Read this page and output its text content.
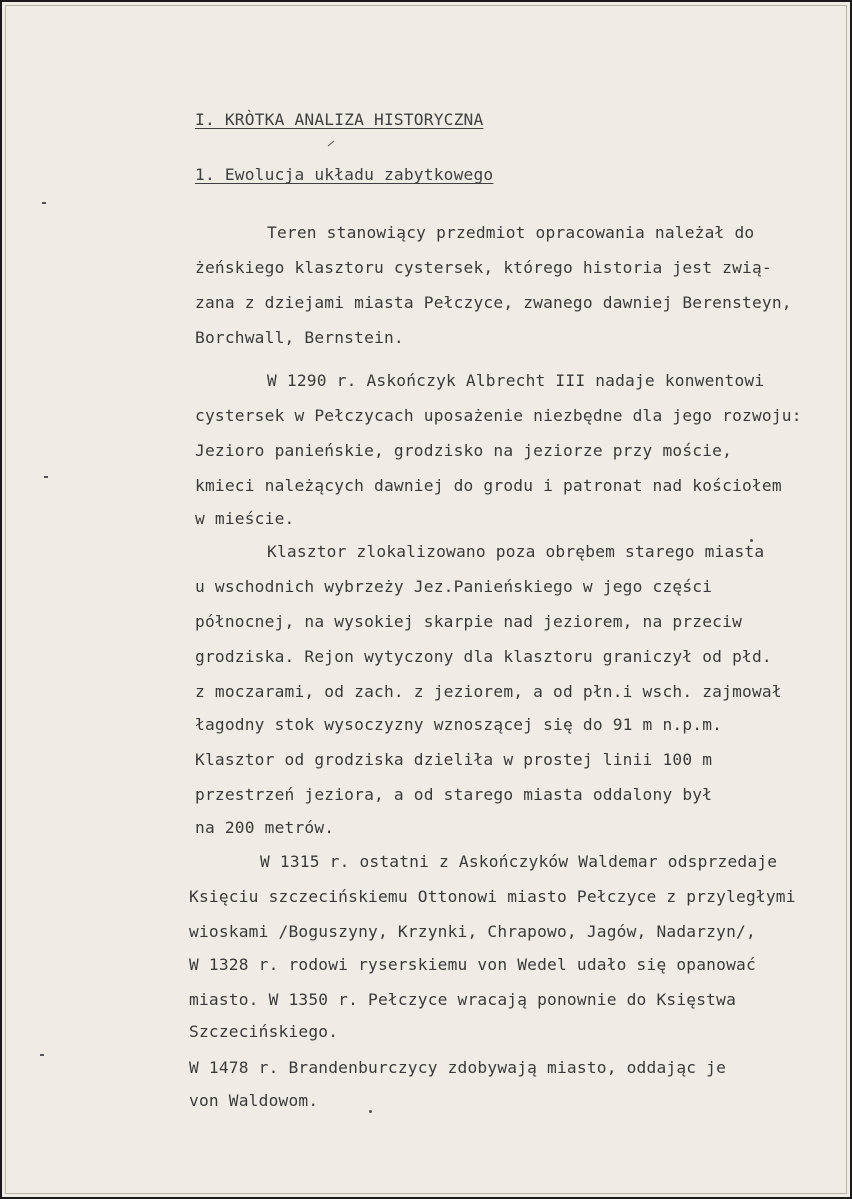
I. KRÒTKA ANALIZA HISTORYCZNA
1. Ewolucja układu zabytkowego
Teren stanowiący przedmiot opracowania należał do
żeńskiego klasztoru cystersek, którego historia jest zwią-
zana z dziejami miasta Pełczyce, zwanego dawniej Berensteyn,
Borchwall, Bernstein.
W 1290 r. Askończyk Albrecht III nadaje konwentowi
cystersek w Pełczycach uposażenie niezbędne dla jego rozwoju:
Jezioro panieńskie, grodzisko na jeziorze przy moście,
kmieci należących dawniej do grodu i patronat nad kościołem
w mieście.
Klasztor zlokalizowano poza obrębem starego miasta
u wschodnich wybrzeży Jez.Panieńskiego w jego części
północnej, na wysokiej skarpie nad jeziorem, na przeciw
grodziska. Rejon wytyczony dla klasztoru graniczył od płd.
z moczarami, od zach. z jeziorem, a od płn.i wsch. zajmował
łagodny stok wysoczyzny wznoszącej się do 91 m n.p.m.
Klasztor od grodziska dzieliła w prostej linii 100 m
przestrzeń jeziora, a od starego miasta oddalony był
na 200 metrów.
W 1315 r. ostatni z Askończyków Waldemar odsprzedaje
Księciu szczecińskiemu Ottonowi miasto Pełczyce z przyległymi
wioskami /Boguszyny, Krzynki, Chrapowo, Jagów, Nadarzyn/,
W 1328 r. rodowi ryserskiemu von Wedel udało się opanować
miasto. W 1350 r. Pełczyce wracają ponownie do Księstwa
Szczecińskiego.
W 1478 r. Brandenburczycy zdobywają miasto, oddając je
von Waldowom.
